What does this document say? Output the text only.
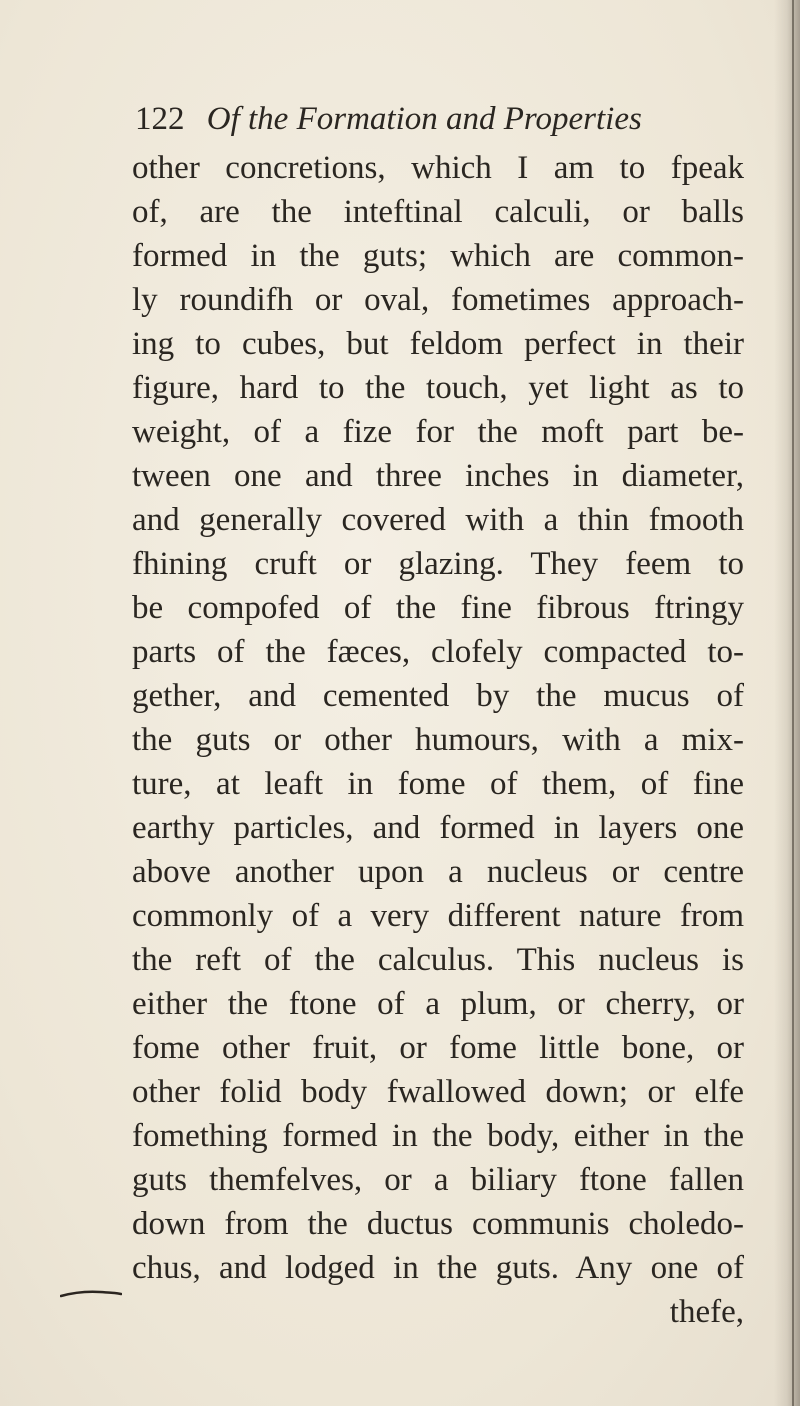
122 Of the Formation and Properties
other concretions, which I am to fpeak
of, are the inteftinal calculi, or balls
formed in the guts; which are common-
ly roundifh or oval, fometimes approach-
ing to cubes, but feldom perfect in their
figure, hard to the touch, yet light as to
weight, of a fize for the moft part be-
tween one and three inches in diameter,
and generally covered with a thin fmooth
fhining cruft or glazing. They feem to
be compofed of the fine fibrous ftringy
parts of the fæces, clofely compacted to-
gether, and cemented by the mucus of
the guts or other humours, with a mix-
ture, at leaft in fome of them, of fine
earthy particles, and formed in layers one
above another upon a nucleus or centre
commonly of a very different nature from
the reft of the calculus. This nucleus is
either the ftone of a plum, or cherry, or
fome other fruit, or fome little bone, or
other folid body fwallowed down; or elfe
fomething formed in the body, either in the
guts themfelves, or a biliary ftone fallen
down from the ductus communis choledo-
chus, and lodged in the guts. Any one of
thefe,
